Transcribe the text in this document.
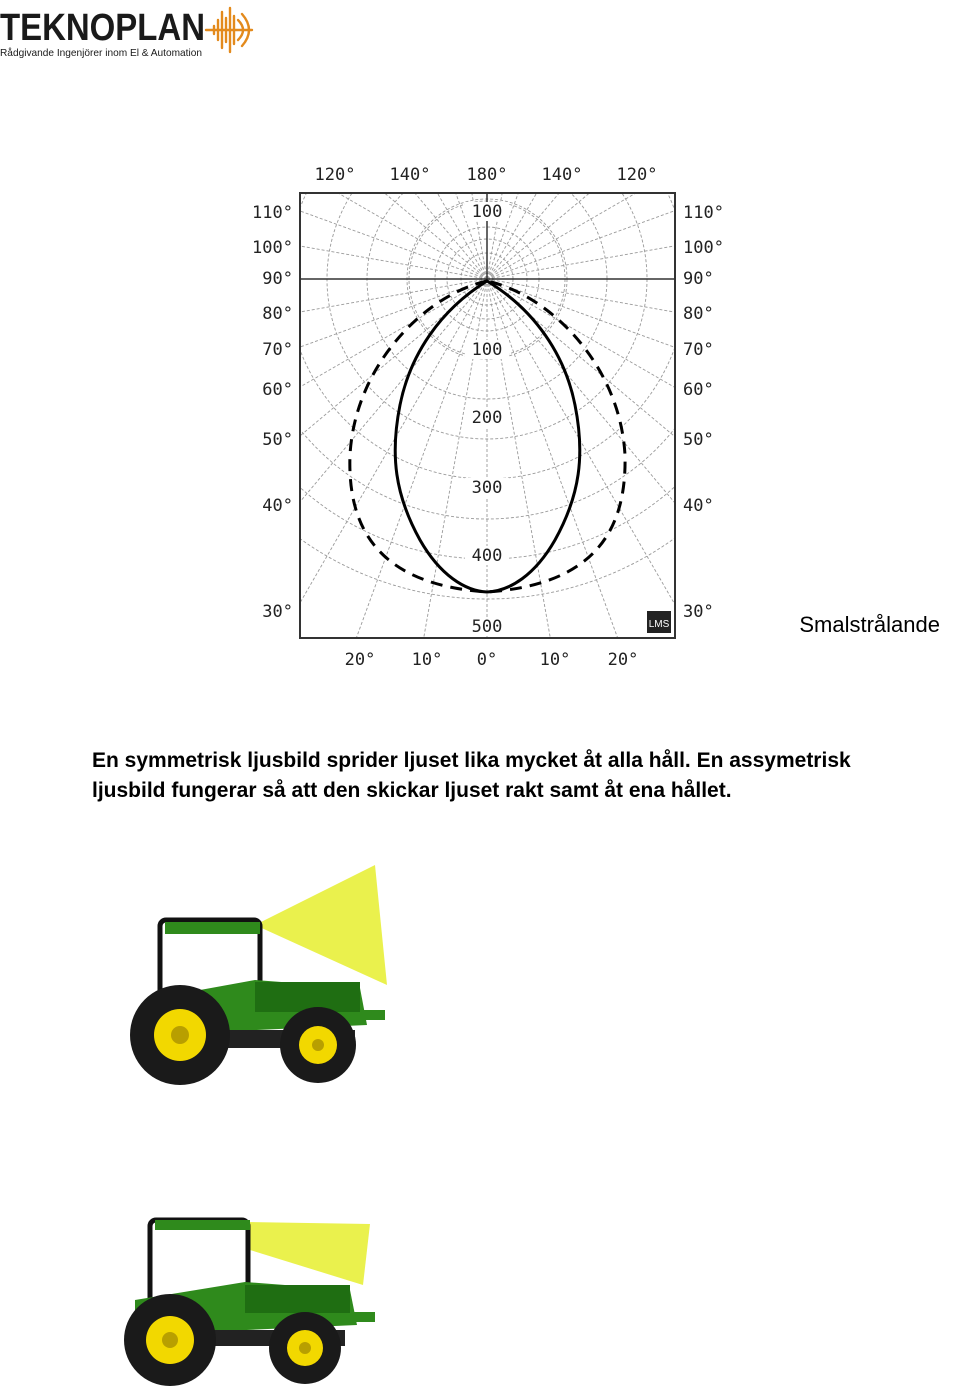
TEKNOPLAN
Rådgivande Ingenjörer inom El & Automation
120° 140° 180° 140° 120°
110°
100°
90°
80°
70°
60°
50°
40°
30°
110°
100°
90°
80°
70°
60°
50°
40°
30°
20° 10° 0° 10° 20°
100
100
200
300
400
500	LMS	Smalstrålande
En symmetrisk ljusbild sprider ljuset lika mycket åt alla håll. En assymetrisk
ljusbild fungerar så att den skickar ljuset rakt samt åt ena hållet.
